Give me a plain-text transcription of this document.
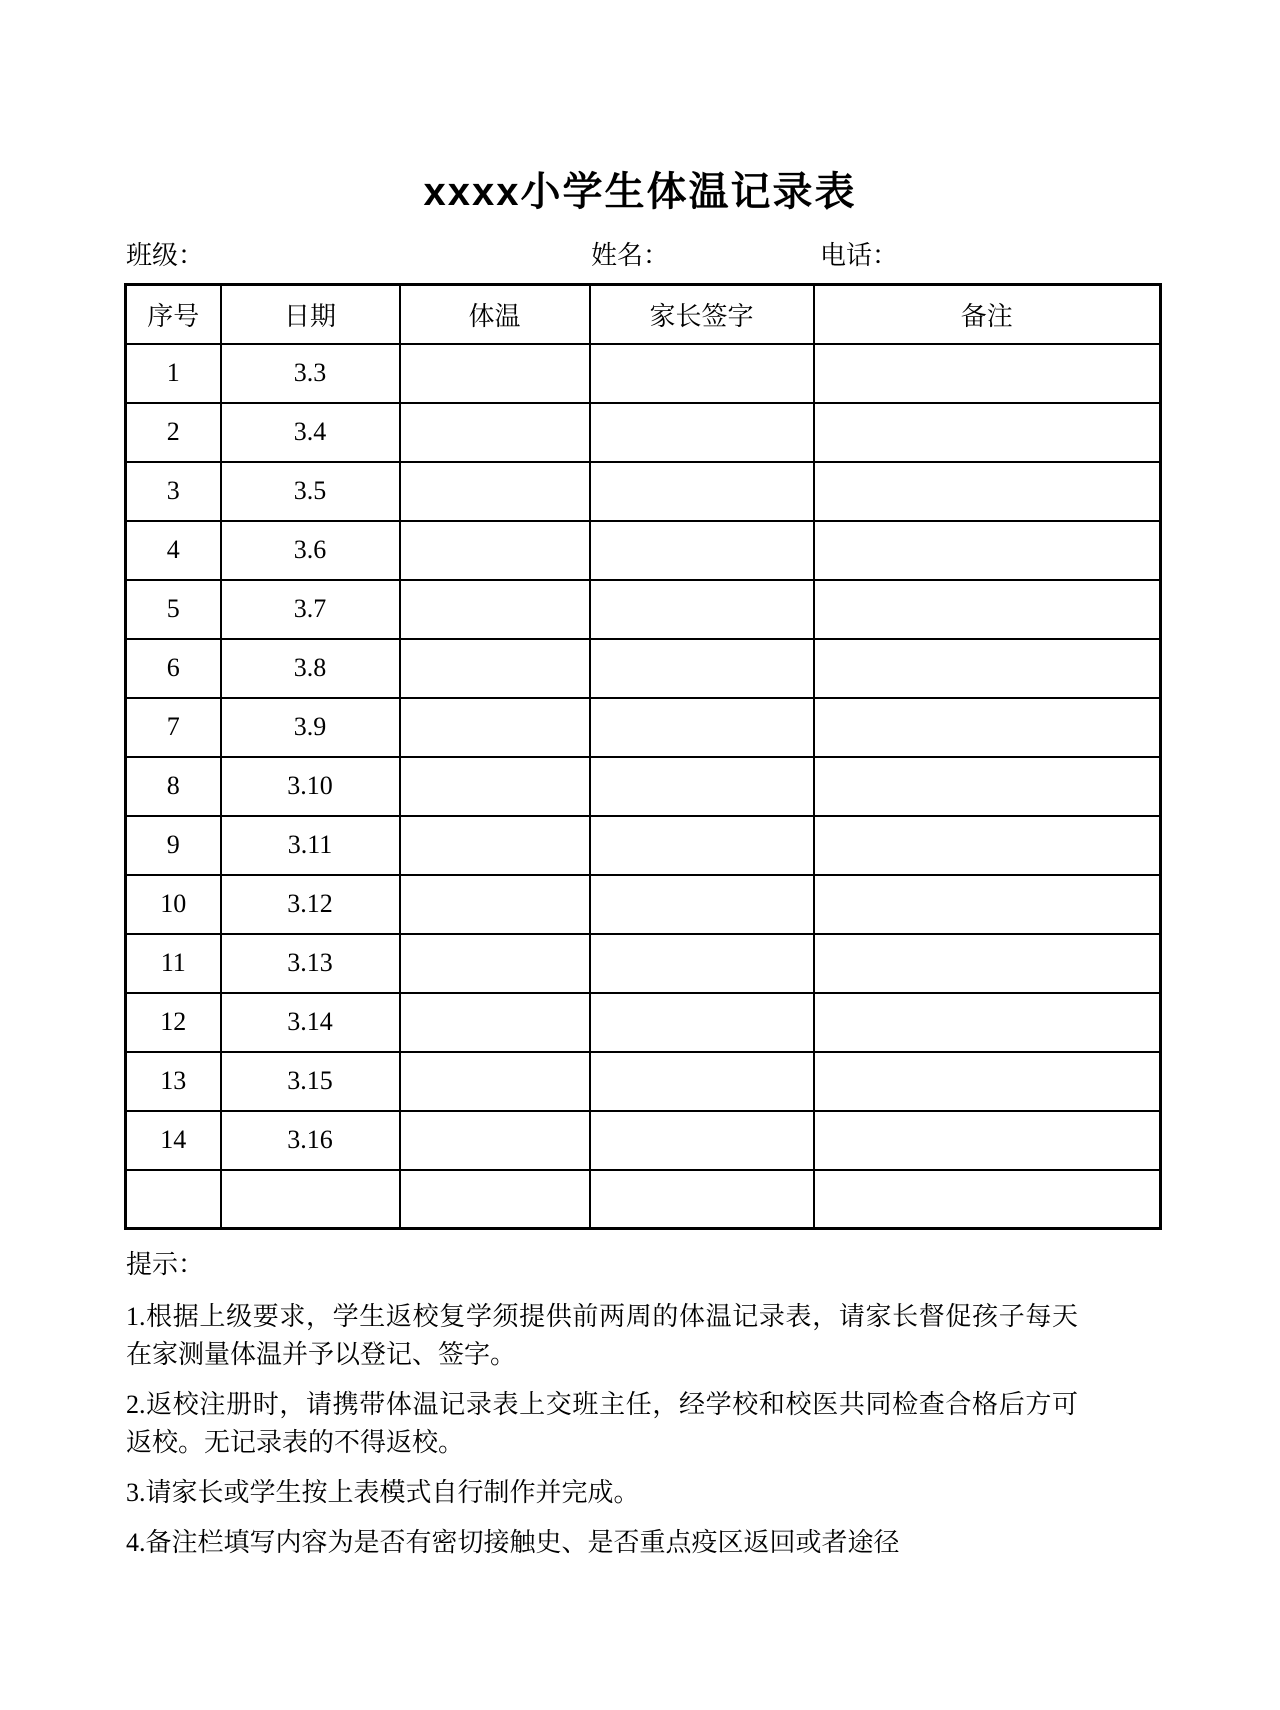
xxxx小学生体温记录表
班级：	姓名：	电话：
序号	日期	体温	家长签字	备注
1	3.3			
2	3.4			
3	3.5			
4	3.6			
5	3.7			
6	3.8			
7	3.9			
8	3.10			
9	3.11			
10	3.12			
11	3.13			
12	3.14			
13	3.15			
14	3.16			

提示：

1.根据上级要求，学生返校复学须提供前两周的体温记录表，请家长督促孩子每天在家测量体温并予以登记、签字。

2.返校注册时，请携带体温记录表上交班主任，经学校和校医共同检查合格后方可返校。无记录表的不得返校。

3.请家长或学生按上表模式自行制作并完成。

4.备注栏填写内容为是否有密切接触史、是否重点疫区返回或者途径
